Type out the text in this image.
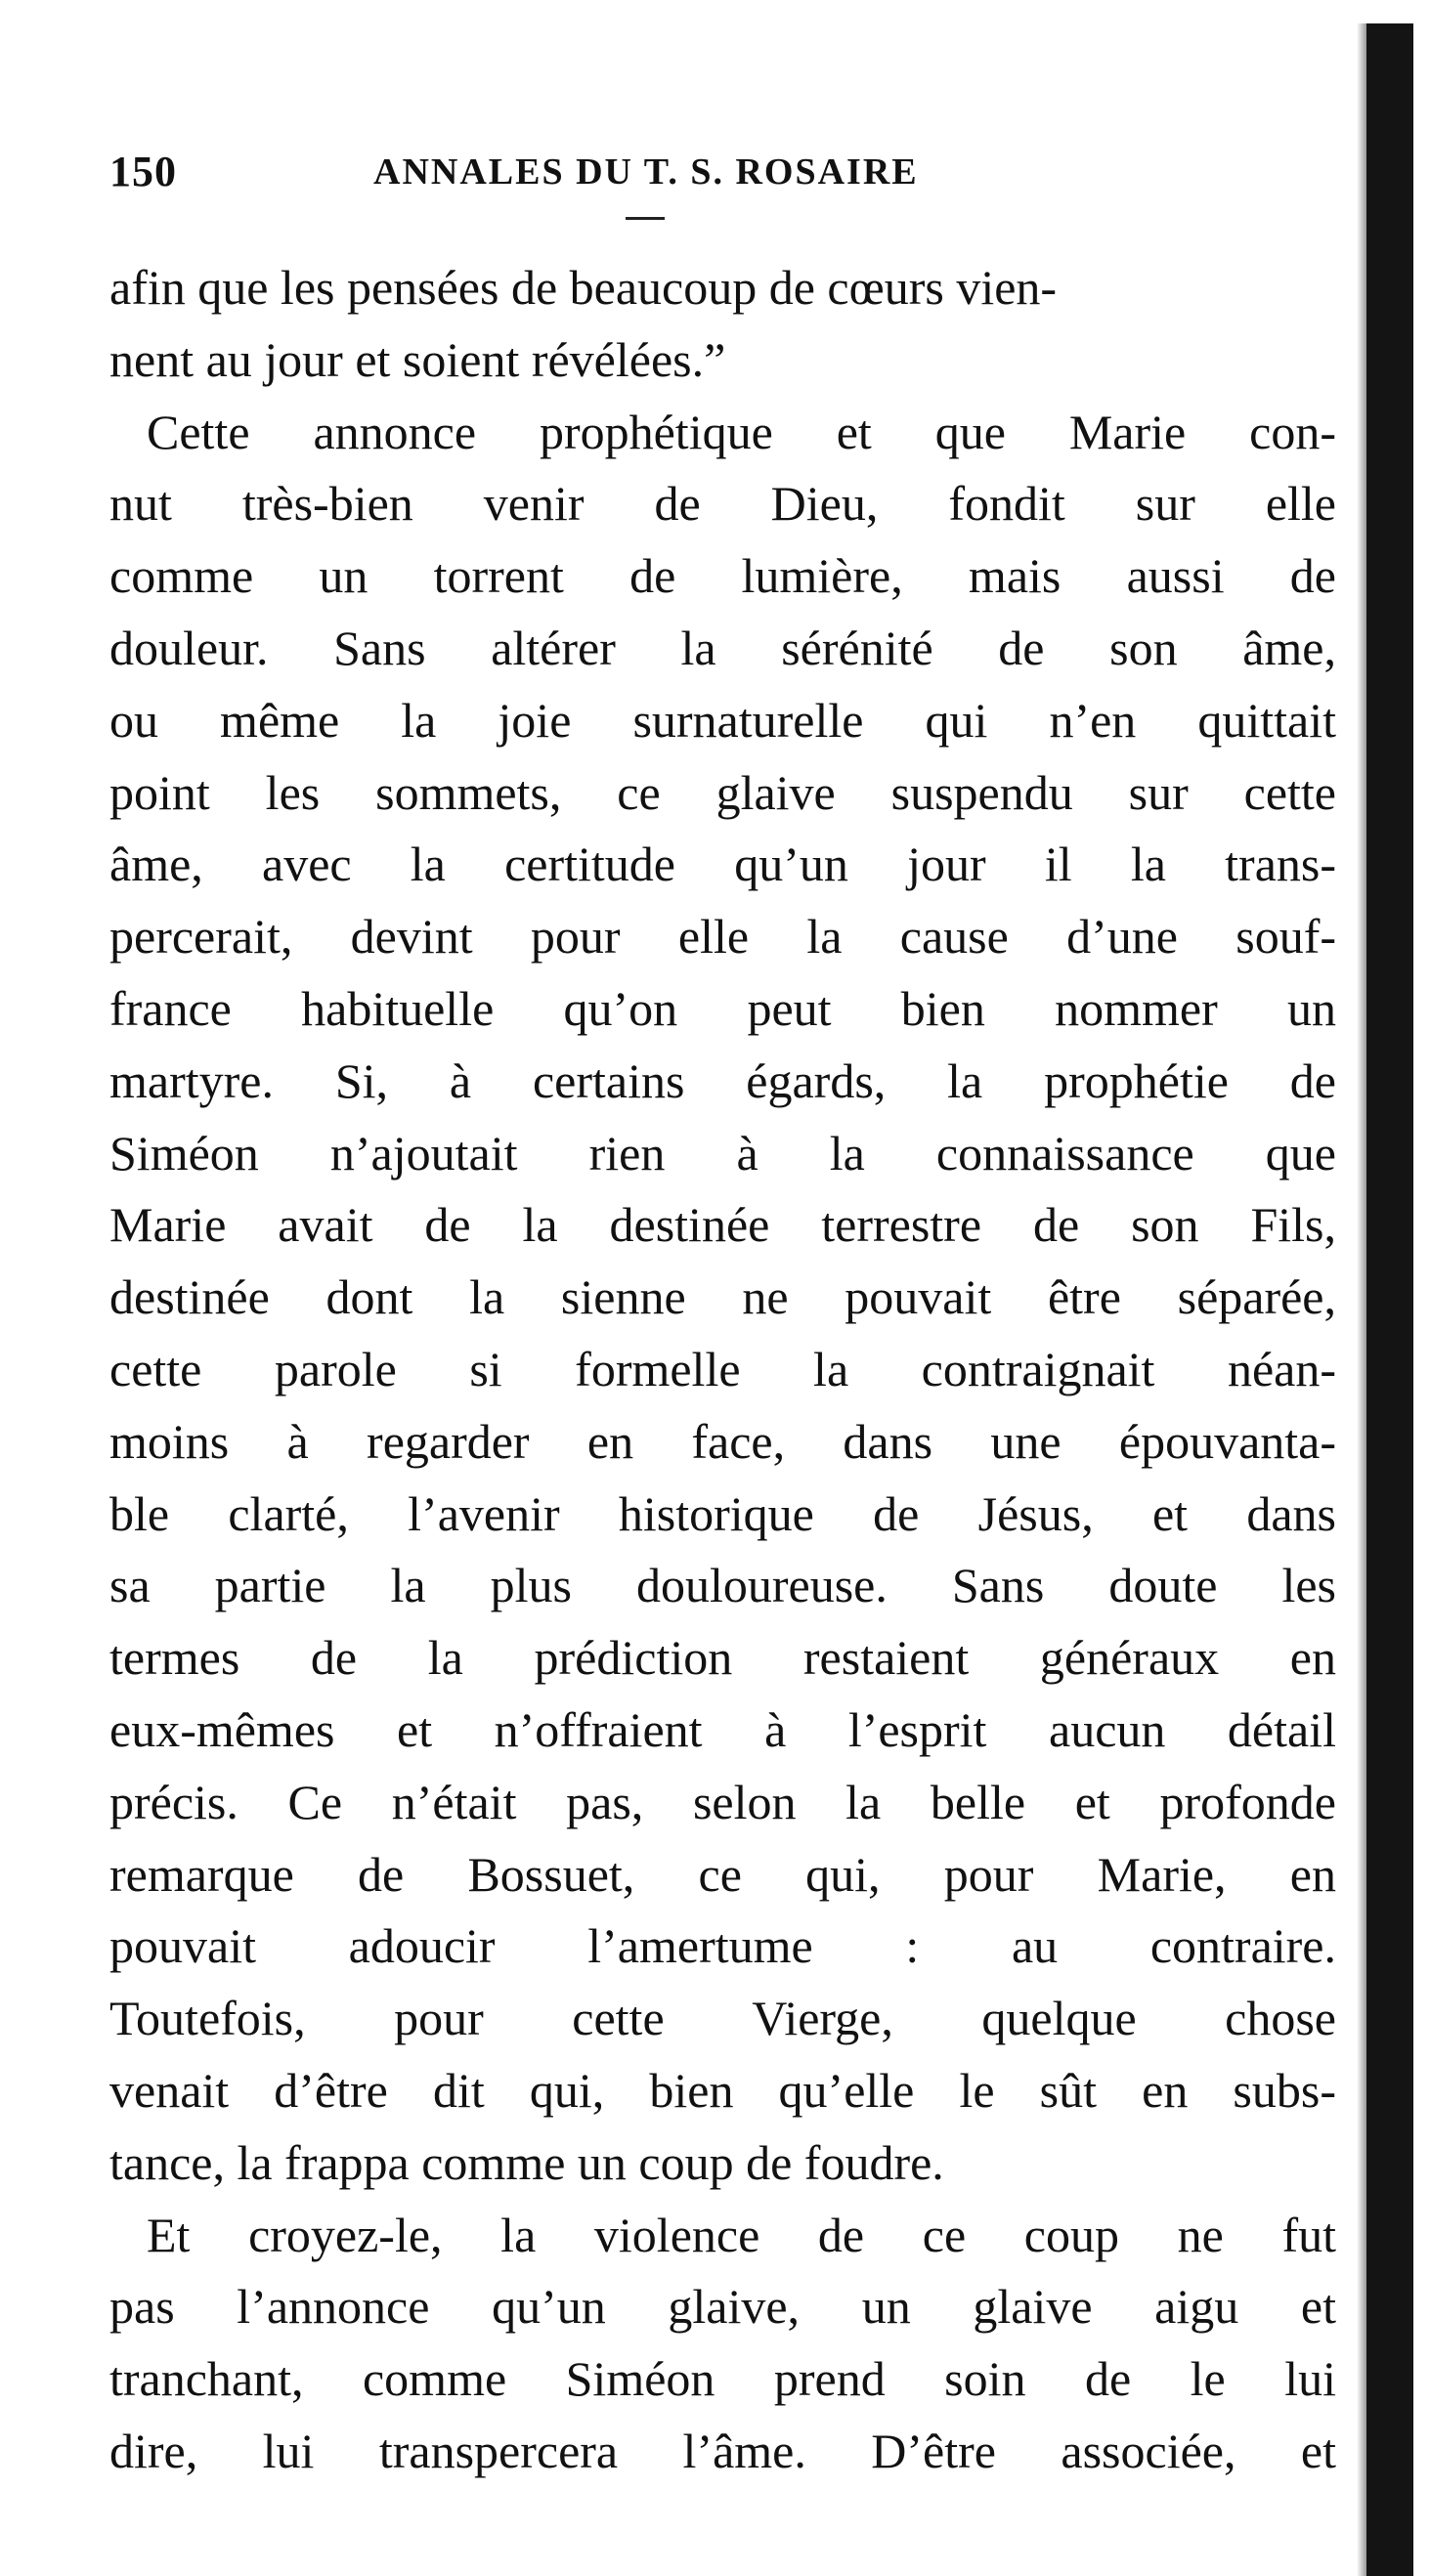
150	ANNALES DU T. S. ROSAIRE
afin que les pensées de beaucoup de cœurs vien-
nent au jour et soient révélées.”
Cette annonce prophétique et que Marie con-
nut très-bien venir de Dieu, fondit sur elle
comme un torrent de lumière, mais aussi de
douleur. Sans altérer la sérénité de son âme,
ou même la joie surnaturelle qui n’en quittait
point les sommets, ce glaive suspendu sur cette
âme, avec la certitude qu’un jour il la trans-
percerait, devint pour elle la cause d’une souf-
france habituelle qu’on peut bien nommer un
martyre. Si, à certains égards, la prophétie de
Siméon n’ajoutait rien à la connaissance que
Marie avait de la destinée terrestre de son Fils,
destinée dont la sienne ne pouvait être séparée,
cette parole si formelle la contraignait néan-
moins à regarder en face, dans une épouvanta-
ble clarté, l’avenir historique de Jésus, et dans
sa partie la plus douloureuse. Sans doute les
termes de la prédiction restaient généraux en
eux-mêmes et n’offraient à l’esprit aucun détail
précis. Ce n’était pas, selon la belle et profonde
remarque de Bossuet, ce qui, pour Marie, en
pouvait adoucir l’amertume : au contraire.
Toutefois, pour cette Vierge, quelque chose
venait d’être dit qui, bien qu’elle le sût en subs-
tance, la frappa comme un coup de foudre.
Et croyez-le, la violence de ce coup ne fut
pas l’annonce qu’un glaive, un glaive aigu et
tranchant, comme Siméon prend soin de le lui
dire, lui transpercera l’âme. D’être associée, et
